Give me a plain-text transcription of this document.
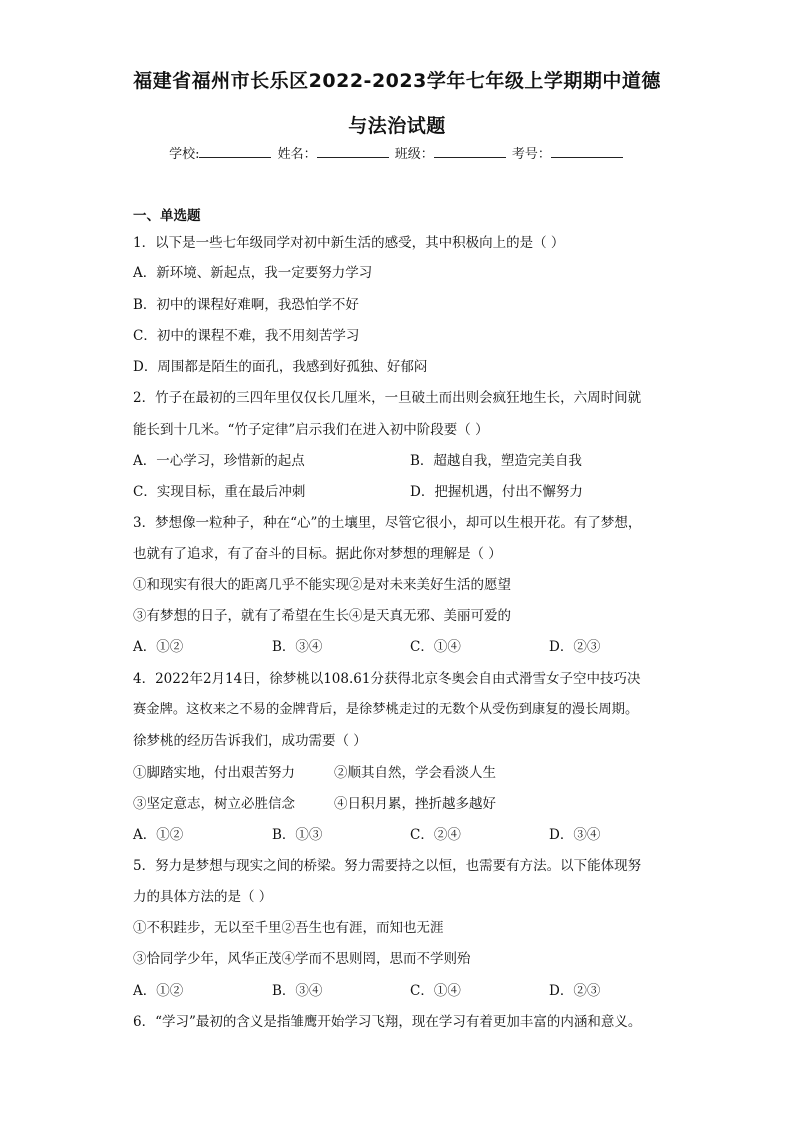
福建省福州市长乐区2022-2023学年七年级上学期期中道德
与法治试题
学校:	姓名：	班级：	考号：
一、单选题
1．以下是一些七年级同学对初中新生活的感受，其中积极向上的是（ ）
A．新环境、新起点，我一定要努力学习
B．初中的课程好难啊，我恐怕学不好
C．初中的课程不难，我不用刻苦学习
D．周围都是陌生的面孔，我感到好孤独、好郁闷
2．竹子在最初的三四年里仅仅长几厘米，一旦破土而出则会疯狂地生长，六周时间就
能长到十几米。“竹子定律”启示我们在进入初中阶段要（ ）
A．一心学习，珍惜新的起点	B．超越自我，塑造完美自我
C．实现目标，重在最后冲刺	D．把握机遇，付出不懈努力
3．梦想像一粒种子，种在“心”的土壤里，尽管它很小，却可以生根开花。有了梦想，
也就有了追求，有了奋斗的目标。据此你对梦想的理解是（ ）
①和现实有很大的距离几乎不能实现②是对未来美好生活的愿望
③有梦想的日子，就有了希望在生长④是天真无邪、美丽可爱的
A．①②	B．③④	C．①④	D．②③
4．2022年2月14日，徐梦桃以108.61分获得北京冬奥会自由式滑雪女子空中技巧决
赛金牌。这枚来之不易的金牌背后，是徐梦桃走过的无数个从受伤到康复的漫长周期。
徐梦桃的经历告诉我们，成功需要（ ）
①脚踏实地，付出艰苦努力	②顺其自然，学会看淡人生
③坚定意志，树立必胜信念	④日积月累，挫折越多越好
A．①②	B．①③	C．②④	D．③④
5．努力是梦想与现实之间的桥梁。努力需要持之以恒，也需要有方法。以下能体现努
力的具体方法的是（ ）
①不积跬步，无以至千里②吾生也有涯，而知也无涯
③恰同学少年，风华正茂④学而不思则罔，思而不学则殆
A．①②	B．③④	C．①④	D．②③
6．“学习”最初的含义是指雏鹰开始学习飞翔，现在学习有着更加丰富的内涵和意义。
